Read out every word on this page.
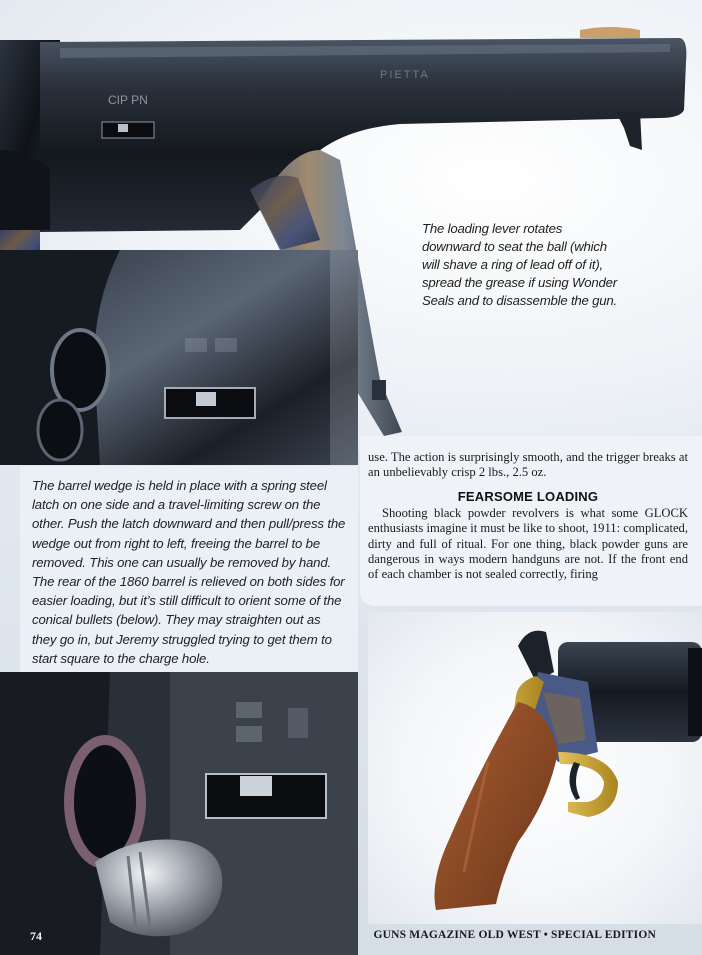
CIP PN
PIETTA
The loading lever rotates downward to seat the ball (which will shave a ring of lead off of it), spread the grease if using Wonder Seals and to disassemble the gun.

use. The action is surprisingly smooth, and the trigger breaks at an unbelievably crisp 2 lbs., 2.5 oz.

FEARSOME LOADING

Shooting black powder revolvers is what some GLOCK enthusiasts imagine it must be like to shoot, 1911: complicated, dirty and full of ritual. For one thing, black powder guns are dangerous in ways modern handguns are not. If the front end of each chamber is not sealed correctly, firing

The barrel wedge is held in place with a spring steel latch on one side and a travel-limiting screw on the other. Push the latch downward and then pull/press the wedge out from right to left, freeing the barrel to be removed. This one can usually be removed by hand. The rear of the 1860 barrel is relieved on both sides for easier loading, but it’s still difficult to orient some of the conical bullets (below). They may straighten out as they go in, but Jeremy struggled trying to get them to start square to the charge hole.
74	GUNS MAGAZINE OLD WEST • SPECIAL EDITION
